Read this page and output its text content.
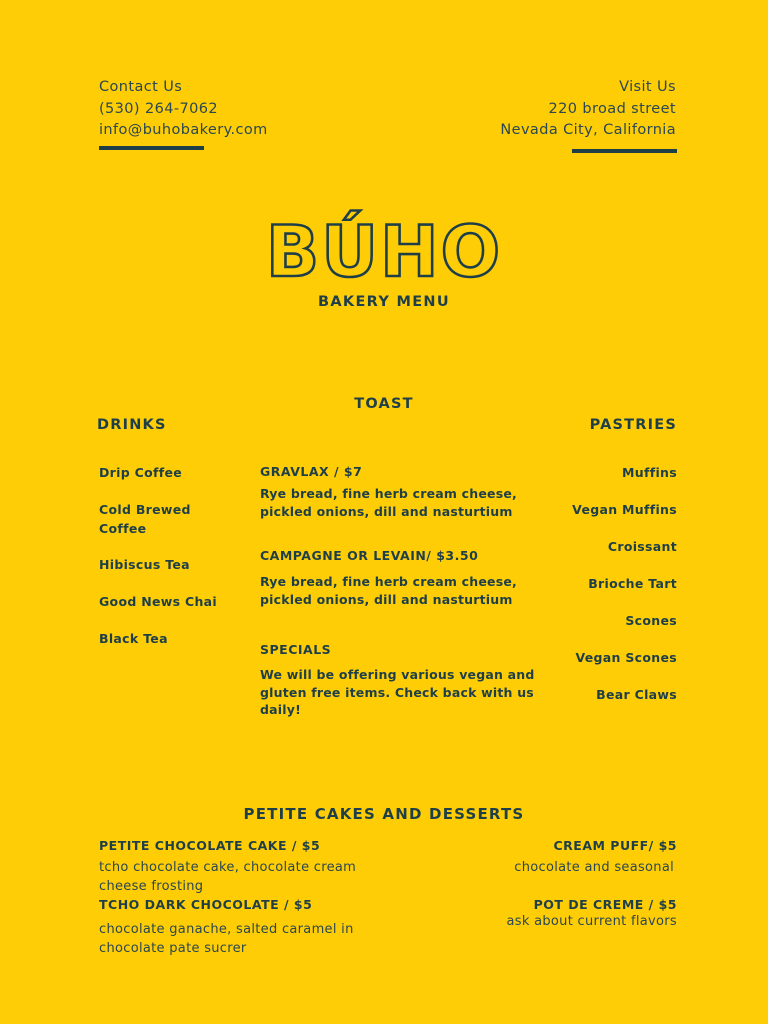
Contact Us
(530) 264-7062
info@buhobakery.com
Visit Us
220 broad street
Nevada City, California
BÚHO
BAKERY MENU
TOAST
DRINKS	PASTRIES
Drip Coffee
Cold Brewed Coffee
Hibiscus Tea
Good News Chai
Black Tea
GRAVLAX / $7
Rye bread, fine herb cream cheese, pickled onions, dill and nasturtium
CAMPAGNE OR LEVAIN/ $3.50
Rye bread, fine herb cream cheese, pickled onions, dill and nasturtium
SPECIALS
We will be offering various vegan and gluten free items. Check back with us daily!
Muffins
Vegan Muffins
Croissant
Brioche Tart
Scones
Vegan Scones
Bear Claws
PETITE CAKES AND DESSERTS
PETITE CHOCOLATE CAKE / $5
tcho chocolate cake, chocolate cream cheese frosting
TCHO DARK CHOCOLATE / $5
chocolate ganache, salted caramel in chocolate pate sucrer
CREAM PUFF/ $5
chocolate and seasonal
POT DE CREME / $5
ask about current flavors
